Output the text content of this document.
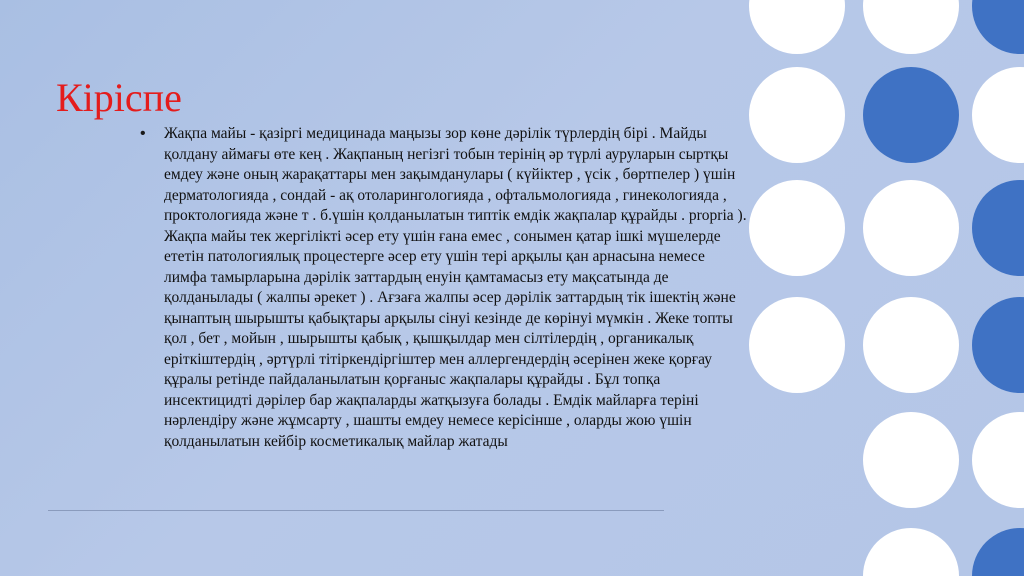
Кіріспе
• Жақпа майы - қазіргі медицинада маңызы зор көне дәрілік түрлердің бірі . Майды қолдану аймағы өте кең . Жақпаның негізгі тобын терінің әр түрлі ауруларын сыртқы емдеу және оның жарақаттары мен зақымданулары ( күйіктер , үсік , бөртпелер ) үшін дерматологияда , сондай - ақ отоларингологияда , офтальмологияда , гинекологияда , проктологияда және т . б.үшін қолданылатын типтік емдік жақпалар құрайды . prорrіа ). Жақпа майы тек жергілікті әсер ету үшін ғана емес , сонымен қатар ішкі мүшелерде ететін патологиялық процестерге әсер ету үшін тері арқылы қан арнасына немесе лимфа тамырларына дәрілік заттардың енуін қамтамасыз ету мақсатында де қолданылады ( жалпы әрекет ) . Ағзаға жалпы әсер дәрілік заттардың тік ішектің және қынаптың шырышты қабықтары арқылы сінуі кезінде де көрінуі мүмкін . Жеке топты қол , бет , мойын , шырышты қабық , қышқылдар мен сілтілердің , органикалық еріткіштердің , әртүрлі тітіркендіргіштер мен аллергендердің әсерінен жеке қорғау құралы ретінде пайдаланылатын қорғаныс жақпалары құрайды . Бұл топқа инсектицидті дәрілер бар жақпаларды жатқызуға болады . Емдік майларға теріні нәрлендіру және жұмсарту , шашты емдеу немесе керісінше , оларды жою үшін қолданылатын кейбір косметикалық майлар жатады
